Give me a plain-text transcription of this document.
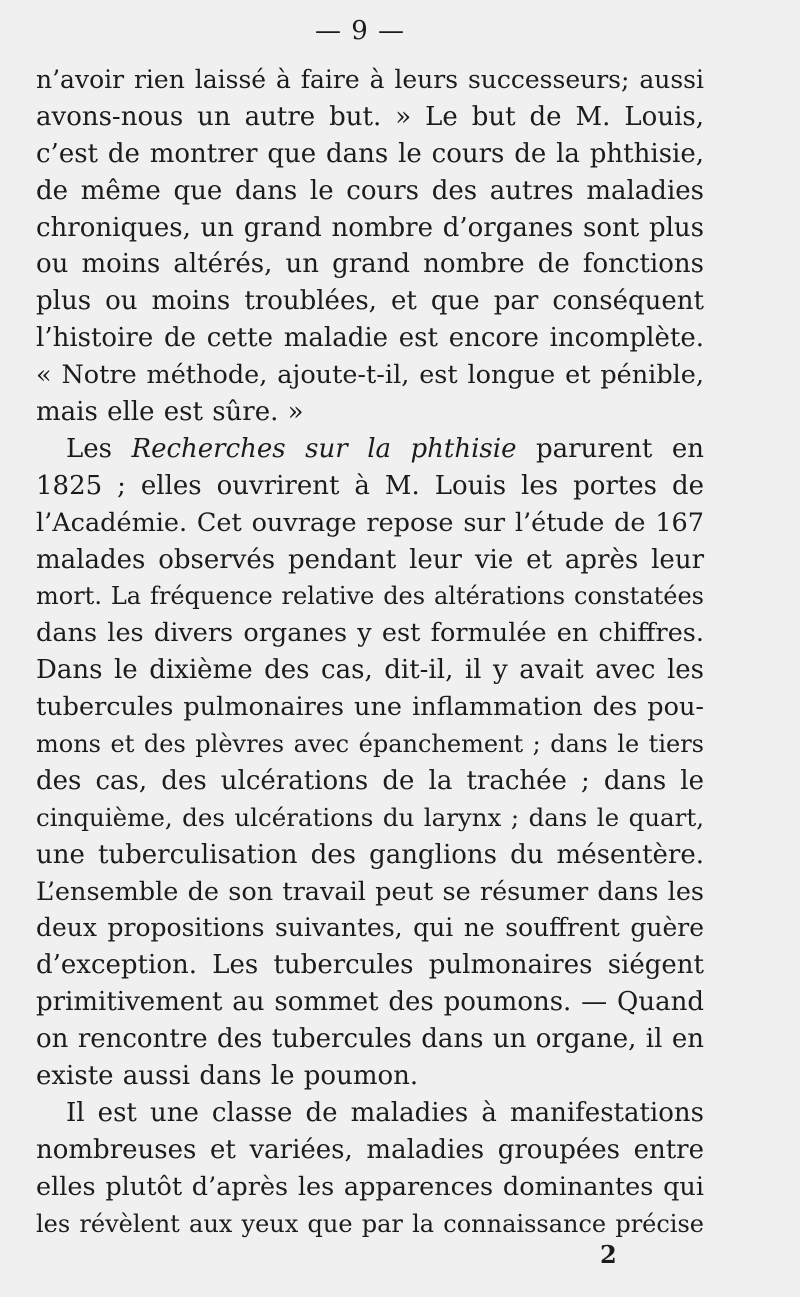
— 9 —
n’avoir rien laissé à faire à leurs successeurs; aussi
avons-nous un autre but. » Le but de M. Louis,
c’est de montrer que dans le cours de la phthisie,
de même que dans le cours des autres maladies
chroniques, un grand nombre d’organes sont plus
ou moins altérés, un grand nombre de fonctions
plus ou moins troublées, et que par conséquent
l’histoire de cette maladie est encore incomplète.
« Notre méthode, ajoute-t-il, est longue et pénible,
mais elle est sûre. »
Les Recherches sur la phthisie parurent en
1825 ; elles ouvrirent à M. Louis les portes de
l’Académie. Cet ouvrage repose sur l’étude de 167
malades observés pendant leur vie et après leur
mort. La fréquence relative des altérations constatées
dans les divers organes y est formulée en chiffres.
Dans le dixième des cas, dit-il, il y avait avec les
tubercules pulmonaires une inflammation des pou-
mons et des plèvres avec épanchement ; dans le tiers
des cas, des ulcérations de la trachée ; dans le
cinquième, des ulcérations du larynx ; dans le quart,
une tuberculisation des ganglions du mésentère.
L’ensemble de son travail peut se résumer dans les
deux propositions suivantes, qui ne souffrent guère
d’exception. Les tubercules pulmonaires siégent
primitivement au sommet des poumons. — Quand
on rencontre des tubercules dans un organe, il en
existe aussi dans le poumon.
Il est une classe de maladies à manifestations
nombreuses et variées, maladies groupées entre
elles plutôt d’après les apparences dominantes qui
les révèlent aux yeux que par la connaissance précise
2
